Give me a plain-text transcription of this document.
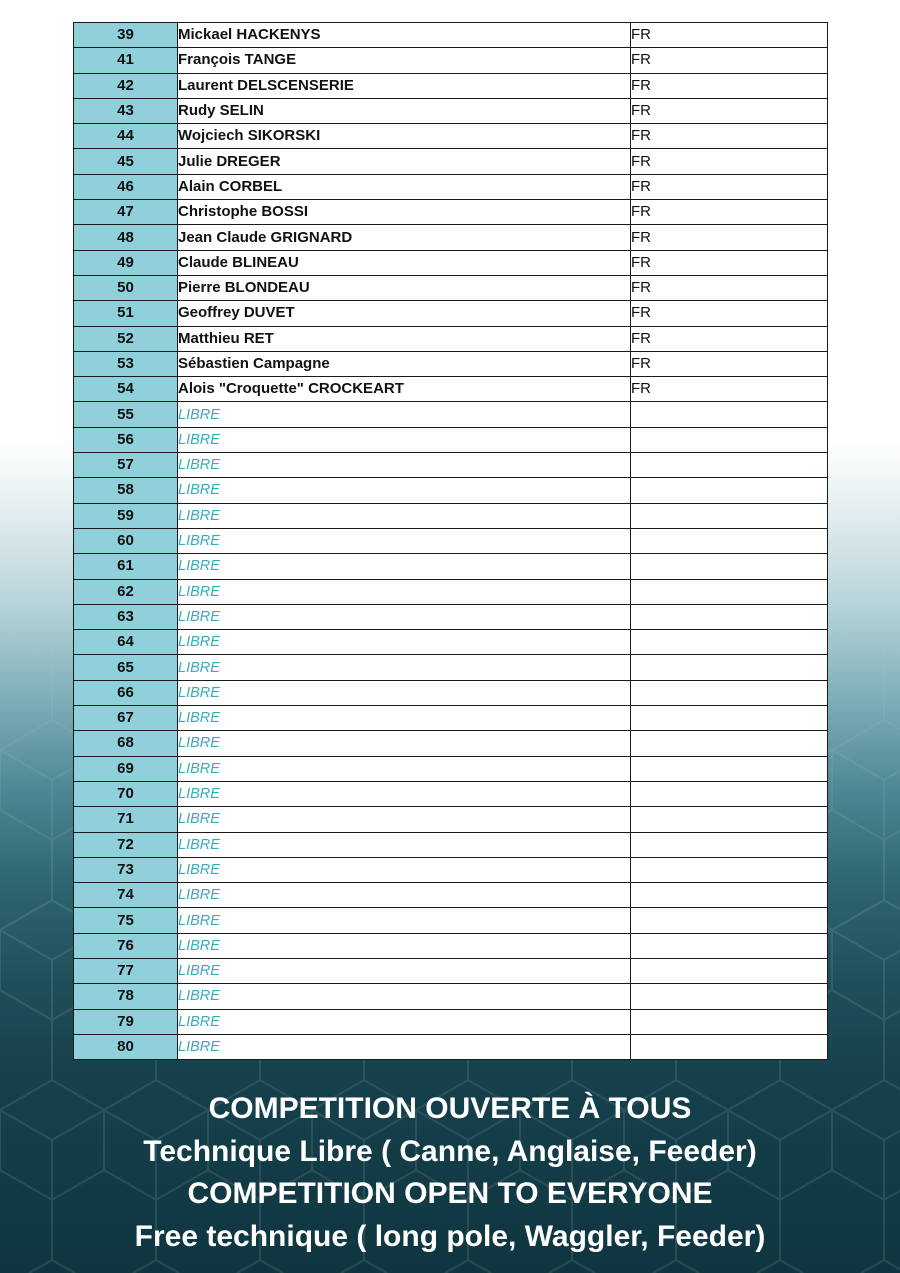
39	Mickael HACKENYS	FR
41	François TANGE	FR
42	Laurent DELSCENSERIE	FR
43	Rudy SELIN	FR
44	Wojciech SIKORSKI	FR
45	Julie DREGER	FR
46	Alain CORBEL	FR
47	Christophe BOSSI	FR
48	Jean Claude GRIGNARD	FR
49	Claude BLINEAU	FR
50	Pierre BLONDEAU	FR
51	Geoffrey DUVET	FR
52	Matthieu RET	FR
53	Sébastien Campagne	FR
54	Alois "Croquette" CROCKEART	FR
55	LIBRE	
56	LIBRE	
57	LIBRE	
58	LIBRE	
59	LIBRE	
60	LIBRE	
61	LIBRE	
62	LIBRE	
63	LIBRE	
64	LIBRE	
65	LIBRE	
66	LIBRE	
67	LIBRE	
68	LIBRE	
69	LIBRE	
70	LIBRE	
71	LIBRE	
72	LIBRE	
73	LIBRE	
74	LIBRE	
75	LIBRE	
76	LIBRE	
77	LIBRE	
78	LIBRE	
79	LIBRE	
80	LIBRE	
COMPETITION OUVERTE À TOUS
Technique Libre ( Canne, Anglaise, Feeder)
COMPETITION OPEN TO EVERYONE
Free technique ( long pole, Waggler, Feeder)
